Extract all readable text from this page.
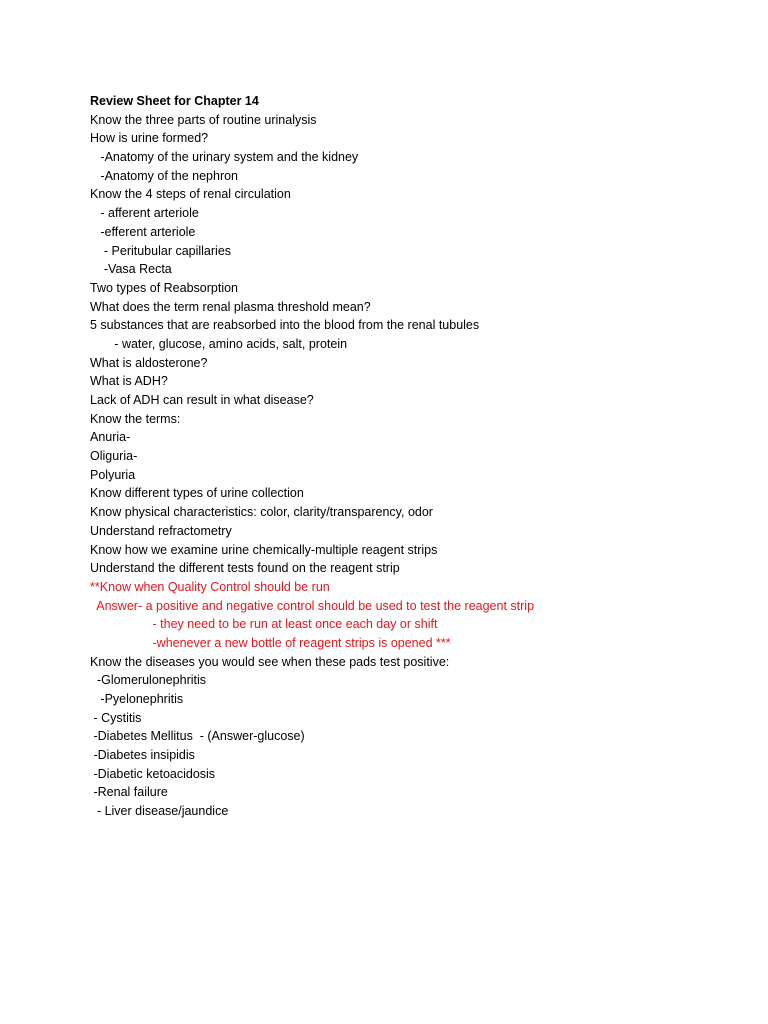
Review Sheet for Chapter 14
Know the three parts of routine urinalysis
How is urine formed?
-Anatomy of the urinary system and the kidney
-Anatomy of the nephron
Know the 4 steps of renal circulation
- afferent arteriole
-efferent arteriole
- Peritubular capillaries
-Vasa Recta
Two types of Reabsorption
What does the term renal plasma threshold mean?
5 substances that are reabsorbed into the blood from the renal tubules
- water, glucose, amino acids, salt, protein
What is aldosterone?
What is ADH?
Lack of ADH can result in what disease?
Know the terms:
Anuria-
Oliguria-
Polyuria
Know different types of urine collection
Know physical characteristics: color, clarity/transparency, odor
Understand refractometry
Know how we examine urine chemically-multiple reagent strips
Understand the different tests found on the reagent strip
**Know when Quality Control should be run
Answer- a positive and negative control should be used to test the reagent strip
- they need to be run at least once each day or shift
-whenever a new bottle of reagent strips is opened ***
Know the diseases you would see when these pads test positive:
-Glomerulonephritis
-Pyelonephritis
- Cystitis
-Diabetes Mellitus  - (Answer-glucose)
-Diabetes insipidis
-Diabetic ketoacidosis
-Renal failure
- Liver disease/jaundice
